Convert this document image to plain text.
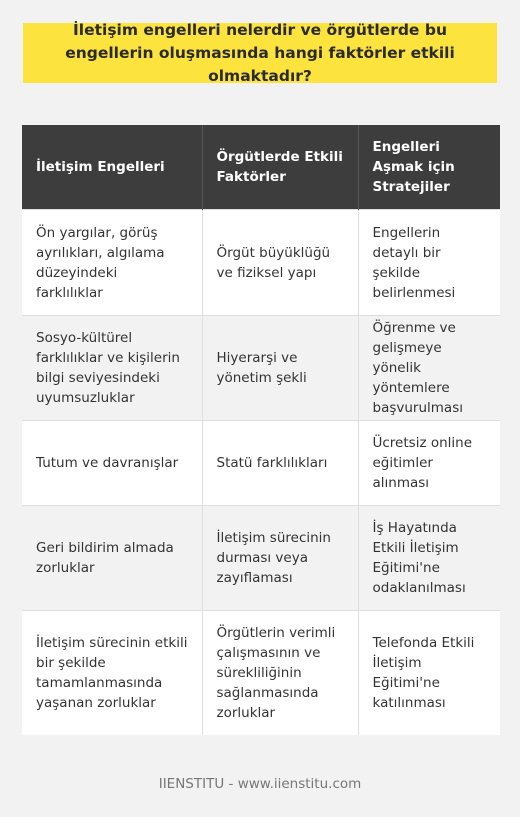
İletişim engelleri nelerdir ve örgütlerde bu engellerin oluşmasında hangi faktörler etkili olmaktadır?
İletişim Engelleri	Örgütlerde Etkili Faktörler	Engelleri Aşmak için Stratejiler
Ön yargılar, görüş ayrılıkları, algılama düzeyindeki farklılıklar	Örgüt büyüklüğü ve fiziksel yapı	Engellerin detaylı bir şekilde belirlenmesi
Sosyo-kültürel farklılıklar ve kişilerin bilgi seviyesindeki uyumsuzluklar	Hiyerarşi ve yönetim şekli	Öğrenme ve gelişmeye yönelik yöntemlere başvurulması
Tutum ve davranışlar	Statü farklılıkları	Ücretsiz online eğitimler alınması
Geri bildirim almada zorluklar	İletişim sürecinin durması veya zayıflaması	İş Hayatında Etkili İletişim Eğitimi'ne odaklanılması
İletişim sürecinin etkili bir şekilde tamamlanmasında yaşanan zorluklar	Örgütlerin verimli çalışmasının ve sürekliliğinin sağlanmasında zorluklar	Telefonda Etkili İletişim Eğitimi'ne katılınması
IIENSTITU - www.iienstitu.com
